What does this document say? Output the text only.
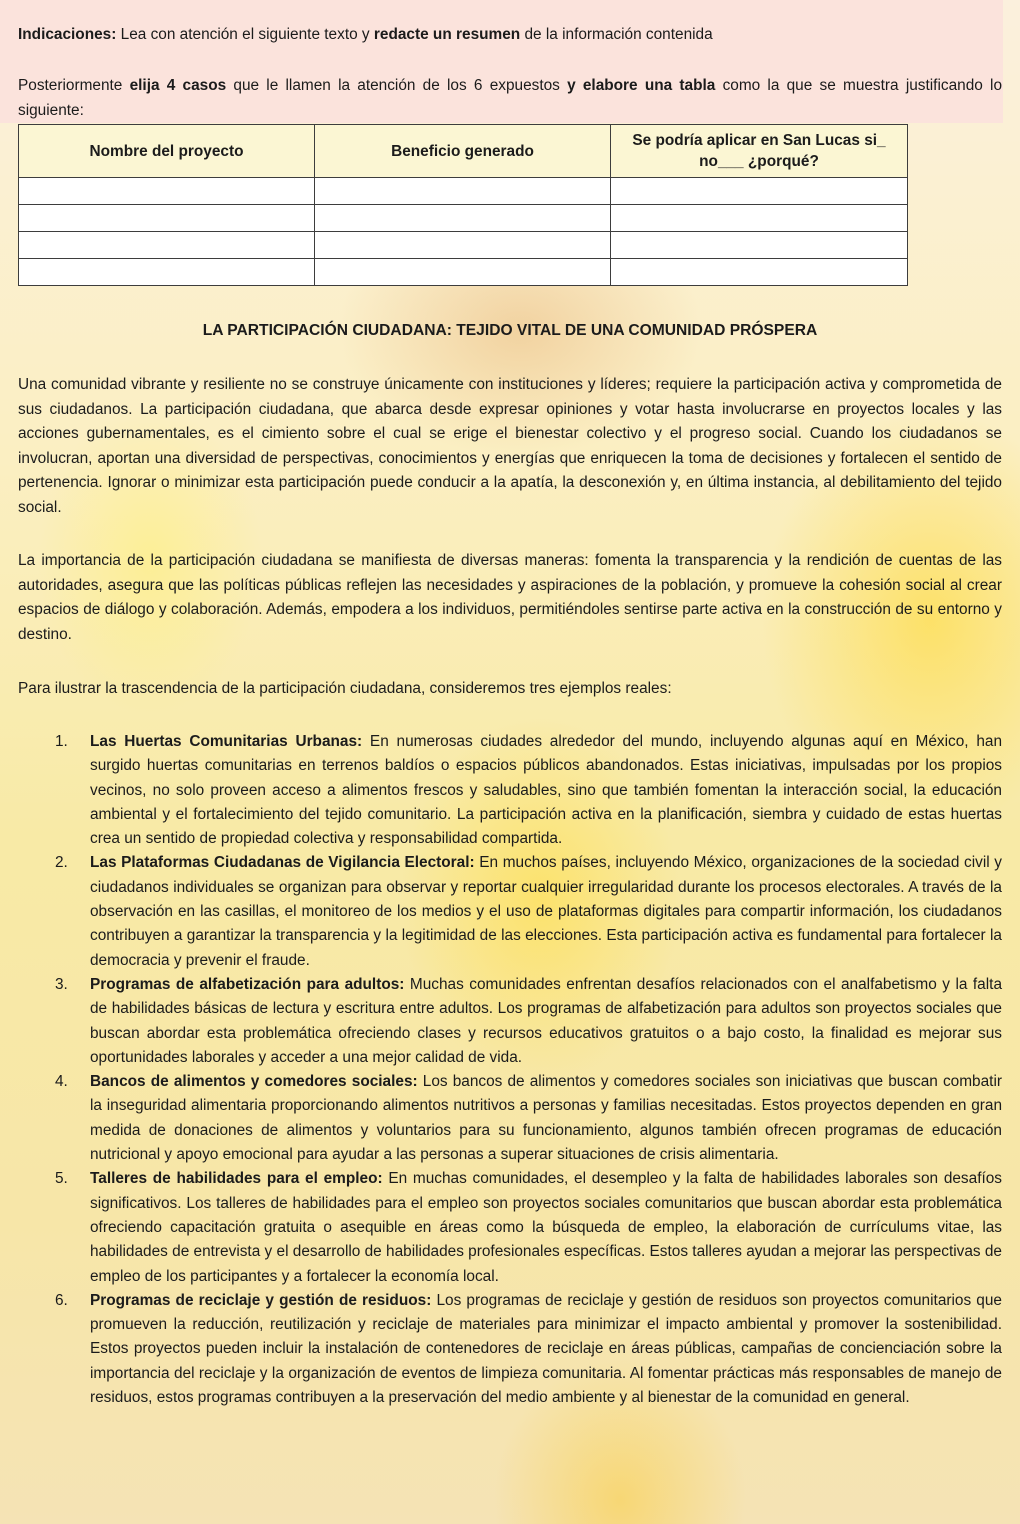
Indicaciones: Lea con atención el siguiente texto y redacte un resumen de la información contenida

Posteriormente elija 4 casos que le llamen la atención de los 6 expuestos y elabore una tabla como la que se muestra justificando lo siguiente:

Nombre del proyecto	Beneficio generado	Se podría aplicar en San Lucas si_ no___ ¿porqué?

LA PARTICIPACIÓN CIUDADANA: TEJIDO VITAL DE UNA COMUNIDAD PRÓSPERA

Una comunidad vibrante y resiliente no se construye únicamente con instituciones y líderes; requiere la participación activa y comprometida de sus ciudadanos. La participación ciudadana, que abarca desde expresar opiniones y votar hasta involucrarse en proyectos locales y las acciones gubernamentales, es el cimiento sobre el cual se erige el bienestar colectivo y el progreso social. Cuando los ciudadanos se involucran, aportan una diversidad de perspectivas, conocimientos y energías que enriquecen la toma de decisiones y fortalecen el sentido de pertenencia. Ignorar o minimizar esta participación puede conducir a la apatía, la desconexión y, en última instancia, al debilitamiento del tejido social.

La importancia de la participación ciudadana se manifiesta de diversas maneras: fomenta la transparencia y la rendición de cuentas de las autoridades, asegura que las políticas públicas reflejen las necesidades y aspiraciones de la población, y promueve la cohesión social al crear espacios de diálogo y colaboración. Además, empodera a los individuos, permitiéndoles sentirse parte activa en la construcción de su entorno y destino.

Para ilustrar la trascendencia de la participación ciudadana, consideremos tres ejemplos reales:

1. Las Huertas Comunitarias Urbanas: En numerosas ciudades alrededor del mundo, incluyendo algunas aquí en México, han surgido huertas comunitarias en terrenos baldíos o espacios públicos abandonados. Estas iniciativas, impulsadas por los propios vecinos, no solo proveen acceso a alimentos frescos y saludables, sino que también fomentan la interacción social, la educación ambiental y el fortalecimiento del tejido comunitario. La participación activa en la planificación, siembra y cuidado de estas huertas crea un sentido de propiedad colectiva y responsabilidad compartida.
2. Las Plataformas Ciudadanas de Vigilancia Electoral: En muchos países, incluyendo México, organizaciones de la sociedad civil y ciudadanos individuales se organizan para observar y reportar cualquier irregularidad durante los procesos electorales. A través de la observación en las casillas, el monitoreo de los medios y el uso de plataformas digitales para compartir información, los ciudadanos contribuyen a garantizar la transparencia y la legitimidad de las elecciones. Esta participación activa es fundamental para fortalecer la democracia y prevenir el fraude.
3. Programas de alfabetización para adultos: Muchas comunidades enfrentan desafíos relacionados con el analfabetismo y la falta de habilidades básicas de lectura y escritura entre adultos. Los programas de alfabetización para adultos son proyectos sociales que buscan abordar esta problemática ofreciendo clases y recursos educativos gratuitos o a bajo costo, la finalidad es mejorar sus oportunidades laborales y acceder a una mejor calidad de vida.
4. Bancos de alimentos y comedores sociales: Los bancos de alimentos y comedores sociales son iniciativas que buscan combatir la inseguridad alimentaria proporcionando alimentos nutritivos a personas y familias necesitadas. Estos proyectos dependen en gran medida de donaciones de alimentos y voluntarios para su funcionamiento, algunos también ofrecen programas de educación nutricional y apoyo emocional para ayudar a las personas a superar situaciones de crisis alimentaria.
5. Talleres de habilidades para el empleo: En muchas comunidades, el desempleo y la falta de habilidades laborales son desafíos significativos. Los talleres de habilidades para el empleo son proyectos sociales comunitarios que buscan abordar esta problemática ofreciendo capacitación gratuita o asequible en áreas como la búsqueda de empleo, la elaboración de currículums vitae, las habilidades de entrevista y el desarrollo de habilidades profesionales específicas. Estos talleres ayudan a mejorar las perspectivas de empleo de los participantes y a fortalecer la economía local.
6. Programas de reciclaje y gestión de residuos: Los programas de reciclaje y gestión de residuos son proyectos comunitarios que promueven la reducción, reutilización y reciclaje de materiales para minimizar el impacto ambiental y promover la sostenibilidad. Estos proyectos pueden incluir la instalación de contenedores de reciclaje en áreas públicas, campañas de concienciación sobre la importancia del reciclaje y la organización de eventos de limpieza comunitaria. Al fomentar prácticas más responsables de manejo de residuos, estos programas contribuyen a la preservación del medio ambiente y al bienestar de la comunidad en general.
